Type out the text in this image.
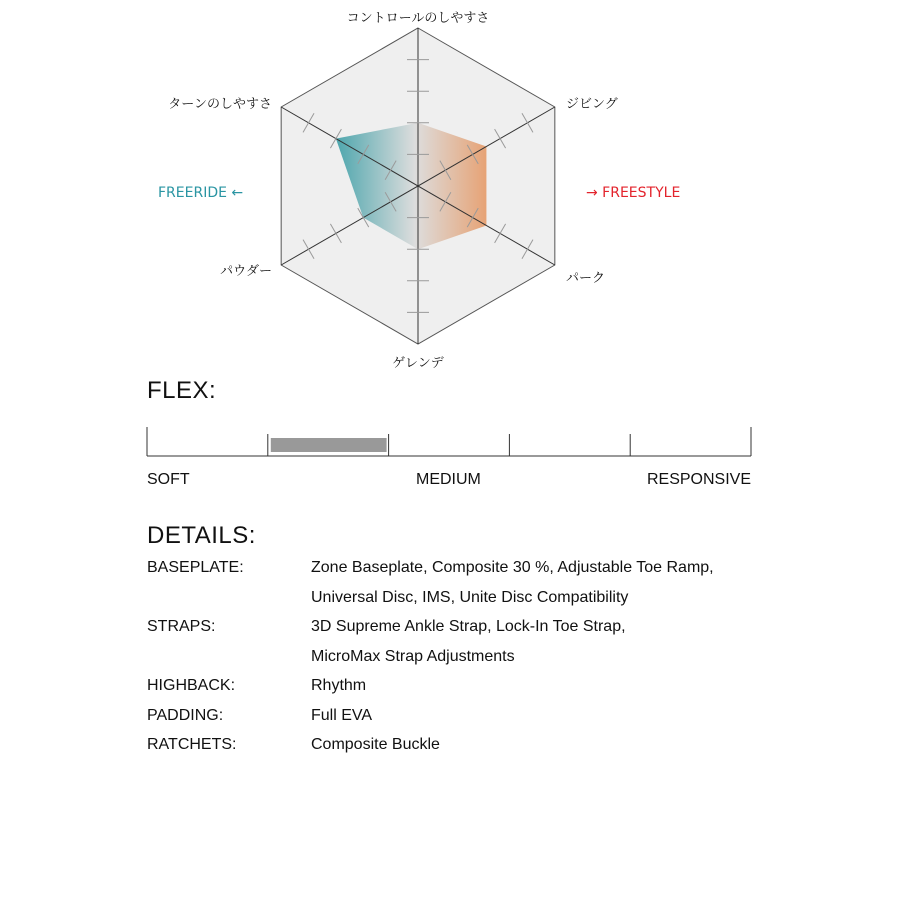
コントロールのしやすさ
ジビング
パーク
ゲレンデ
パウダー
ターンのしやすさ
FREERIDE ←	→ FREESTYLE
FLEX:
SOFT	MEDIUM	RESPONSIVE
DETAILS:
BASEPLATE:	Zone Baseplate, Composite 30 %, Adjustable Toe Ramp,
Universal Disc, IMS, Unite Disc Compatibility
STRAPS:	3D Supreme Ankle Strap, Lock-In Toe Strap,
MicroMax Strap Adjustments
HIGHBACK:	Rhythm
PADDING:	Full EVA
RATCHETS:	Composite Buckle
